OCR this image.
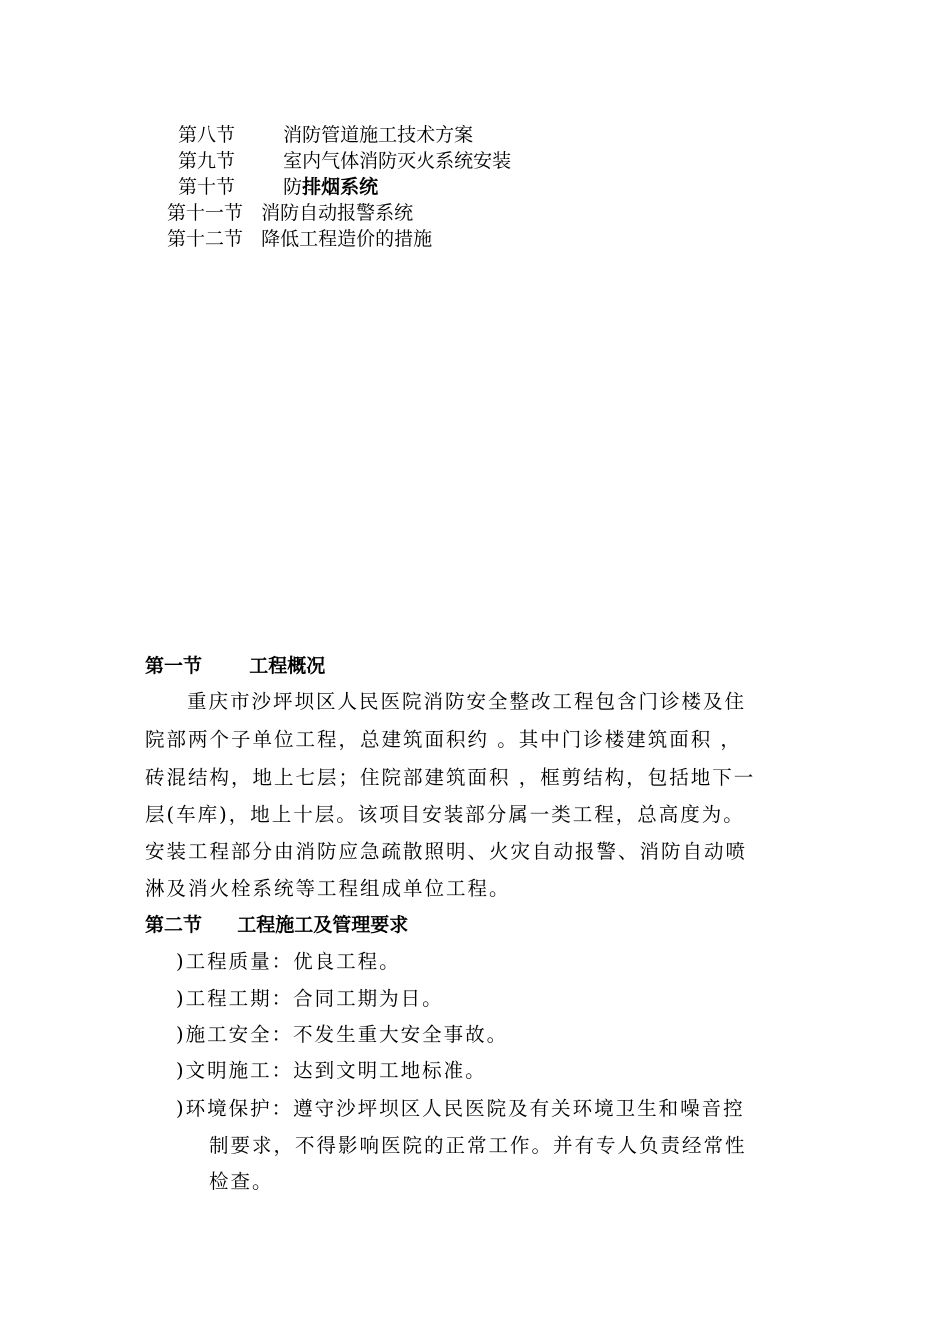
第八节	消防管道施工技术方案
第九节	室内气体消防灭火系统安装
第十节	防排烟系统
第十一节 消防自动报警系统
第十二节 降低工程造价的措施
第一节 工程概况
重庆市沙坪坝区人民医院消防安全整改工程包含门诊楼及住
院部两个子单位工程，总建筑面积约 。其中门诊楼建筑面积 ，
砖混结构，地上七层；住院部建筑面积 ，框剪结构，包括地下一
层(车库)，地上十层。该项目安装部分属一类工程，总高度为。
安装工程部分由消防应急疏散照明、火灾自动报警、消防自动喷
淋及消火栓系统等工程组成单位工程。
第二节 工程施工及管理要求
)工程质量：优良工程。
)工程工期：合同工期为日。
)施工安全：不发生重大安全事故。
)文明施工：达到文明工地标准。
)环境保护：遵守沙坪坝区人民医院及有关环境卫生和噪音控
制要求，不得影响医院的正常工作。并有专人负责经常性
检查。
